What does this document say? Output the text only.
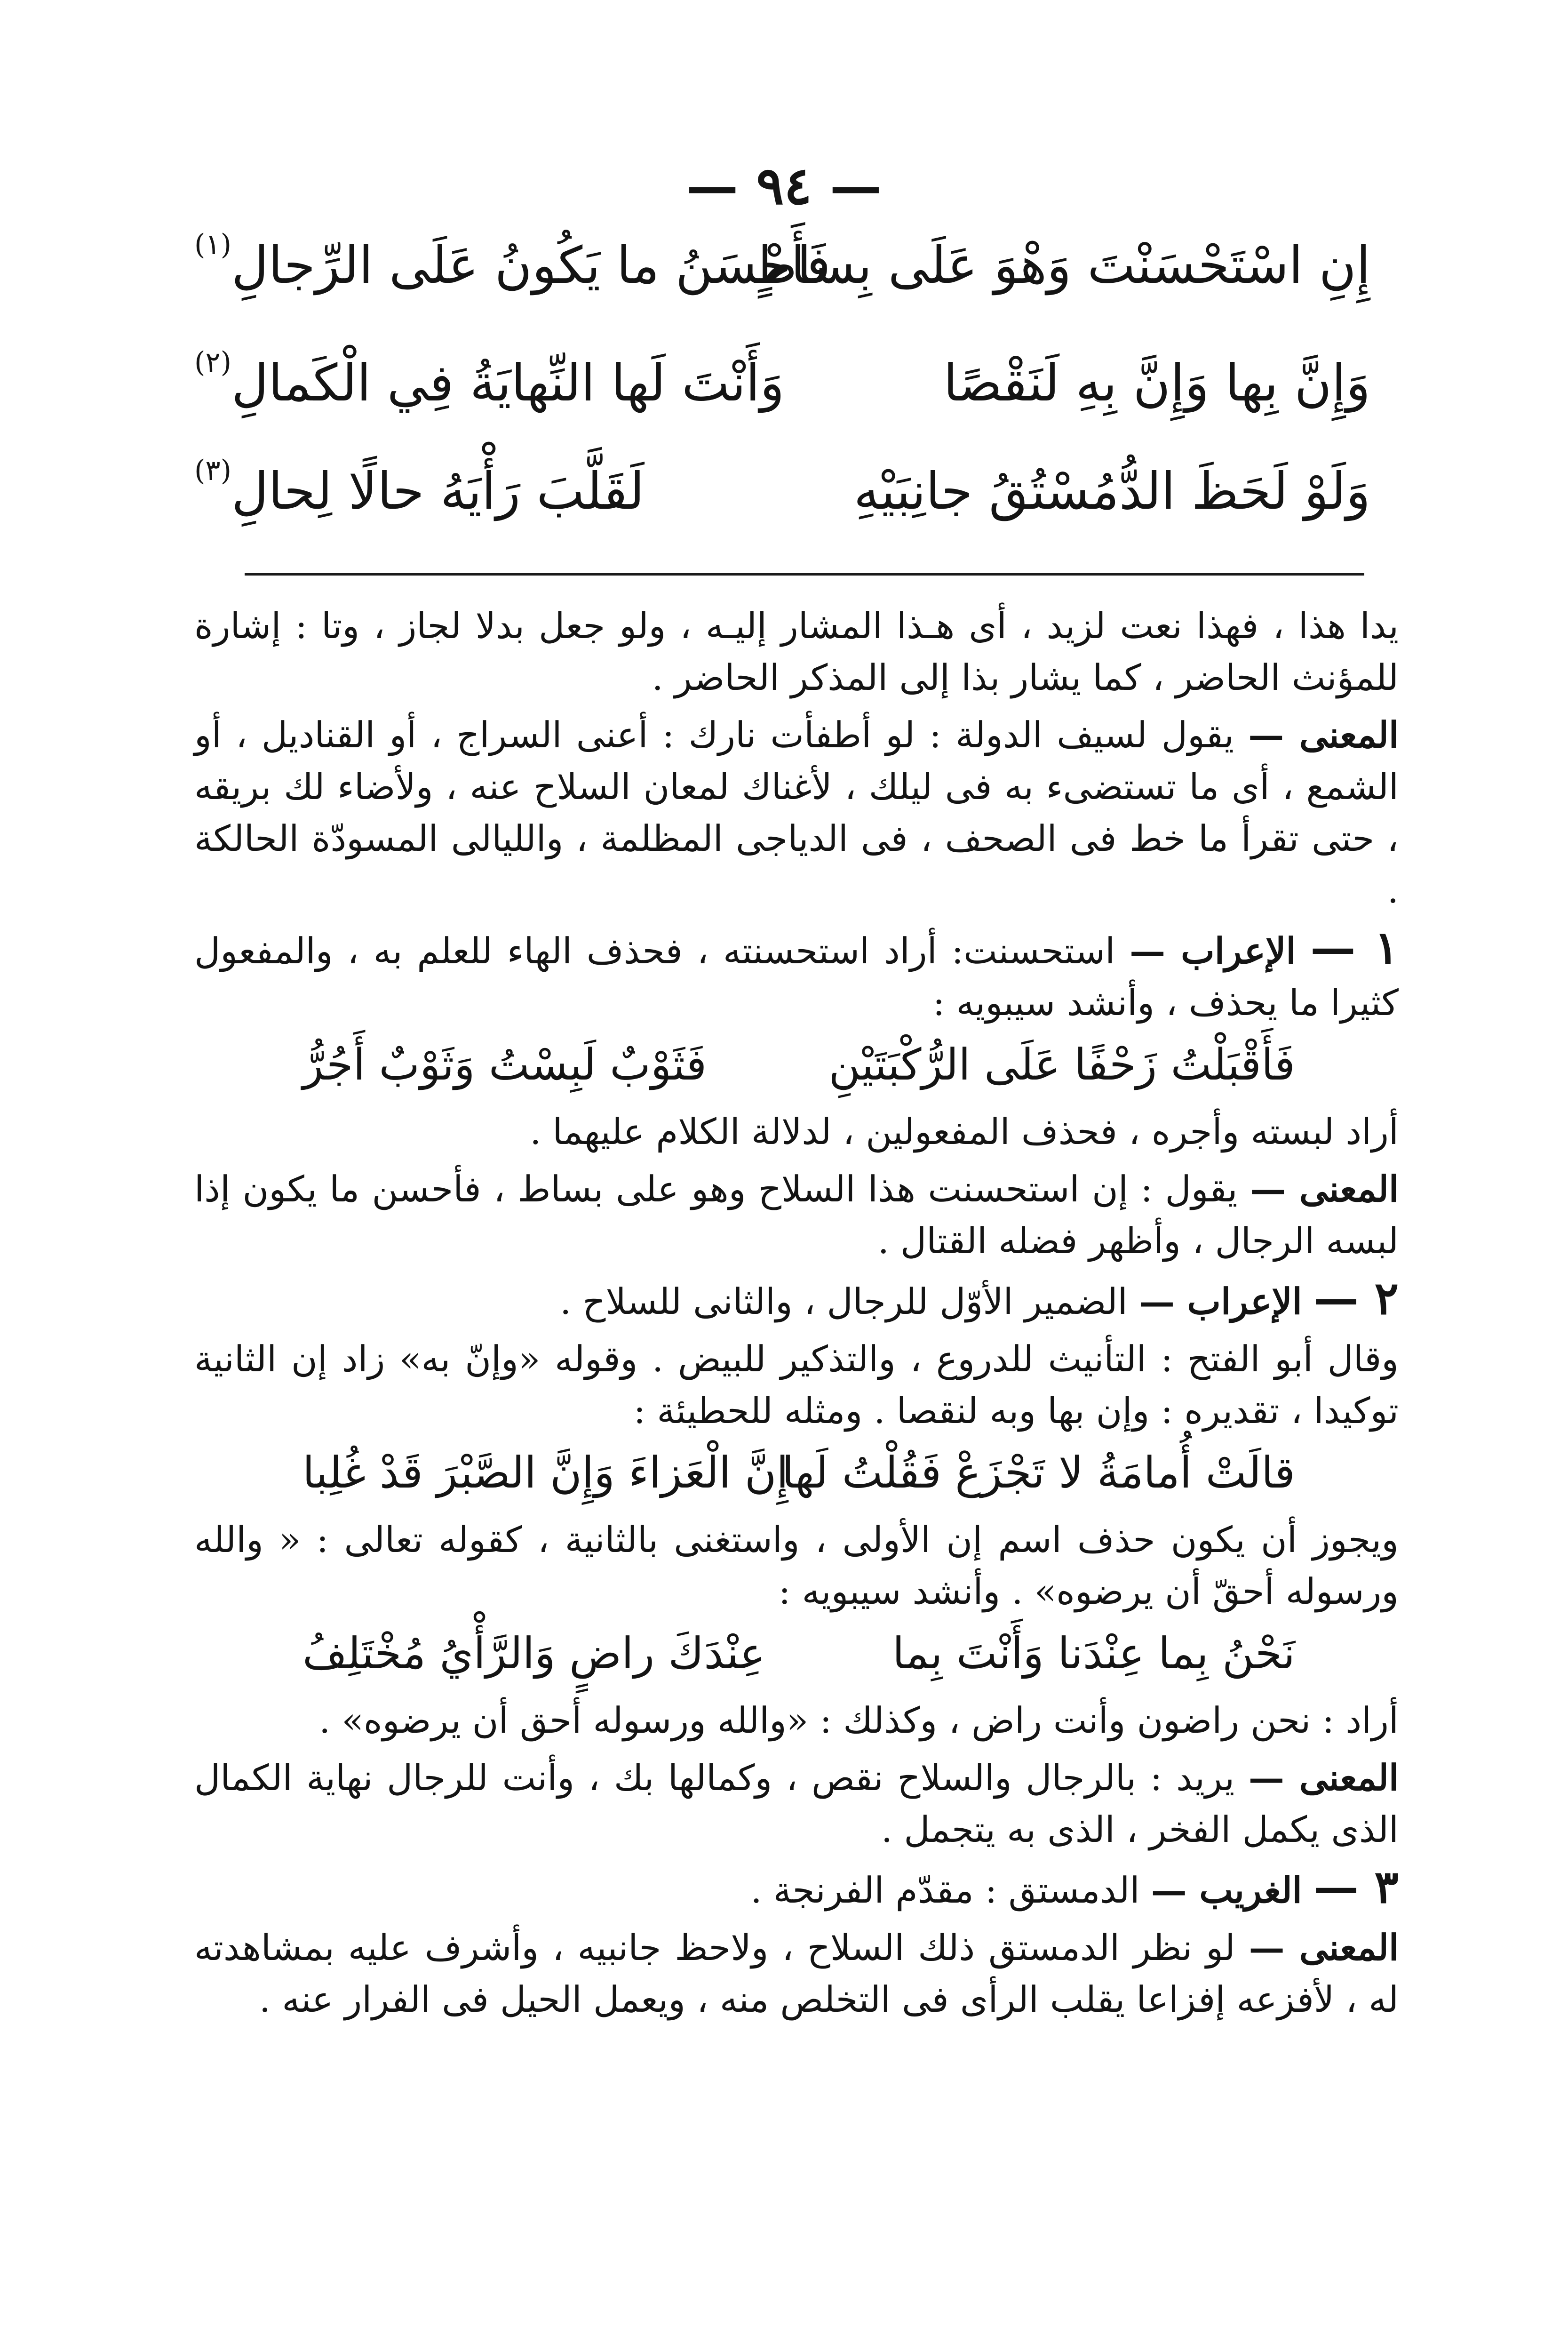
— ٩٤ —
إِنِ اسْتَحْسَنْتَ وَهْوَ عَلَى بِساطٍ
فَأَحْسَنُ ما يَكُونُ عَلَى الرِّجالِ$^{(١)}$
وَإِنَّ بِها وَإِنَّ بِهِ لَنَقْصًا
وَأَنْتَ لَها النِّهايَةُ فِي الْكَمالِ$^{(٢)}$
وَلَوْ لَحَظَ الدُّمُسْتُقُ جانِبَيْهِ
لَقَلَّبَ رَأْيَهُ حالًا لِحالِ$^{(٣)}$

يدا هذا ، فهذا نعت لزيد ، أى هـذا المشار إليـه ، ولو جعل بدلا لجاز ، وتا : إشارة للمؤنث الحاضر ، كما يشار بذا إلى المذكر الحاضر .

المعنى — يقول لسيف الدولة : لو أطفأت نارك : أعنى السراج ، أو القناديل ، أو الشمع ، أى ما تستضىء به فى ليلك ، لأغناك لمعان السلاح عنه ، ولأضاء لك بريقه ، حتى تقرأ ما خط فى الصحف ، فى الدياجى المظلمة ، والليالى المسودّة الحالكة .

١ — الإعراب — استحسنت: أراد استحسنته ، فحذف الهاء للعلم به ، والمفعول كثيرا ما يحذف ، وأنشد سيبويه :

فَأَقْبَلْتُ زَحْفًا عَلَى الرُّكْبَتَيْنِ
فَثَوْبٌ لَبِسْتُ وَثَوْبٌ أَجُرُّ

أراد لبسته وأجره ، فحذف المفعولين ، لدلالة الكلام عليهما .

المعنى — يقول : إن استحسنت هذا السلاح وهو على بساط ، فأحسن ما يكون إذا لبسه الرجال ، وأظهر فضله القتال .

٢ — الإعراب — الضمير الأوّل للرجال ، والثانى للسلاح .

وقال أبو الفتح : التأنيث للدروع ، والتذكير للبيض . وقوله «وإنّ به» زاد إن الثانية توكيدا ، تقديره : وإن بها وبه لنقصا . ومثله للحطيئة :

قالَتْ أُمامَةُ لا تَجْزَعْ فَقُلْتُ لَها
إِنَّ الْعَزاءَ وَإِنَّ الصَّبْرَ قَدْ غُلِبا

ويجوز أن يكون حذف اسم إن الأولى ، واستغنى بالثانية ، كقوله تعالى : « والله ورسوله أحقّ أن يرضوه» . وأنشد سيبويه :

نَحْنُ بِما عِنْدَنا وَأَنْتَ بِما
عِنْدَكَ راضٍ وَالرَّأْيُ مُخْتَلِفُ

أراد : نحن راضون وأنت راض ، وكذلك : «والله ورسوله أحق أن يرضوه» .

المعنى — يريد : بالرجال والسلاح نقص ، وكمالها بك ، وأنت للرجال نهاية الكمال الذى يكمل الفخر ، الذى به يتجمل .

٣ — الغريب — الدمستق : مقدّم الفرنجة .

المعنى — لو نظر الدمستق ذلك السلاح ، ولاحظ جانبيه ، وأشرف عليه بمشاهدته له ، لأفزعه إفزاعا يقلب الرأى فى التخلص منه ، ويعمل الحيل فى الفرار عنه .
